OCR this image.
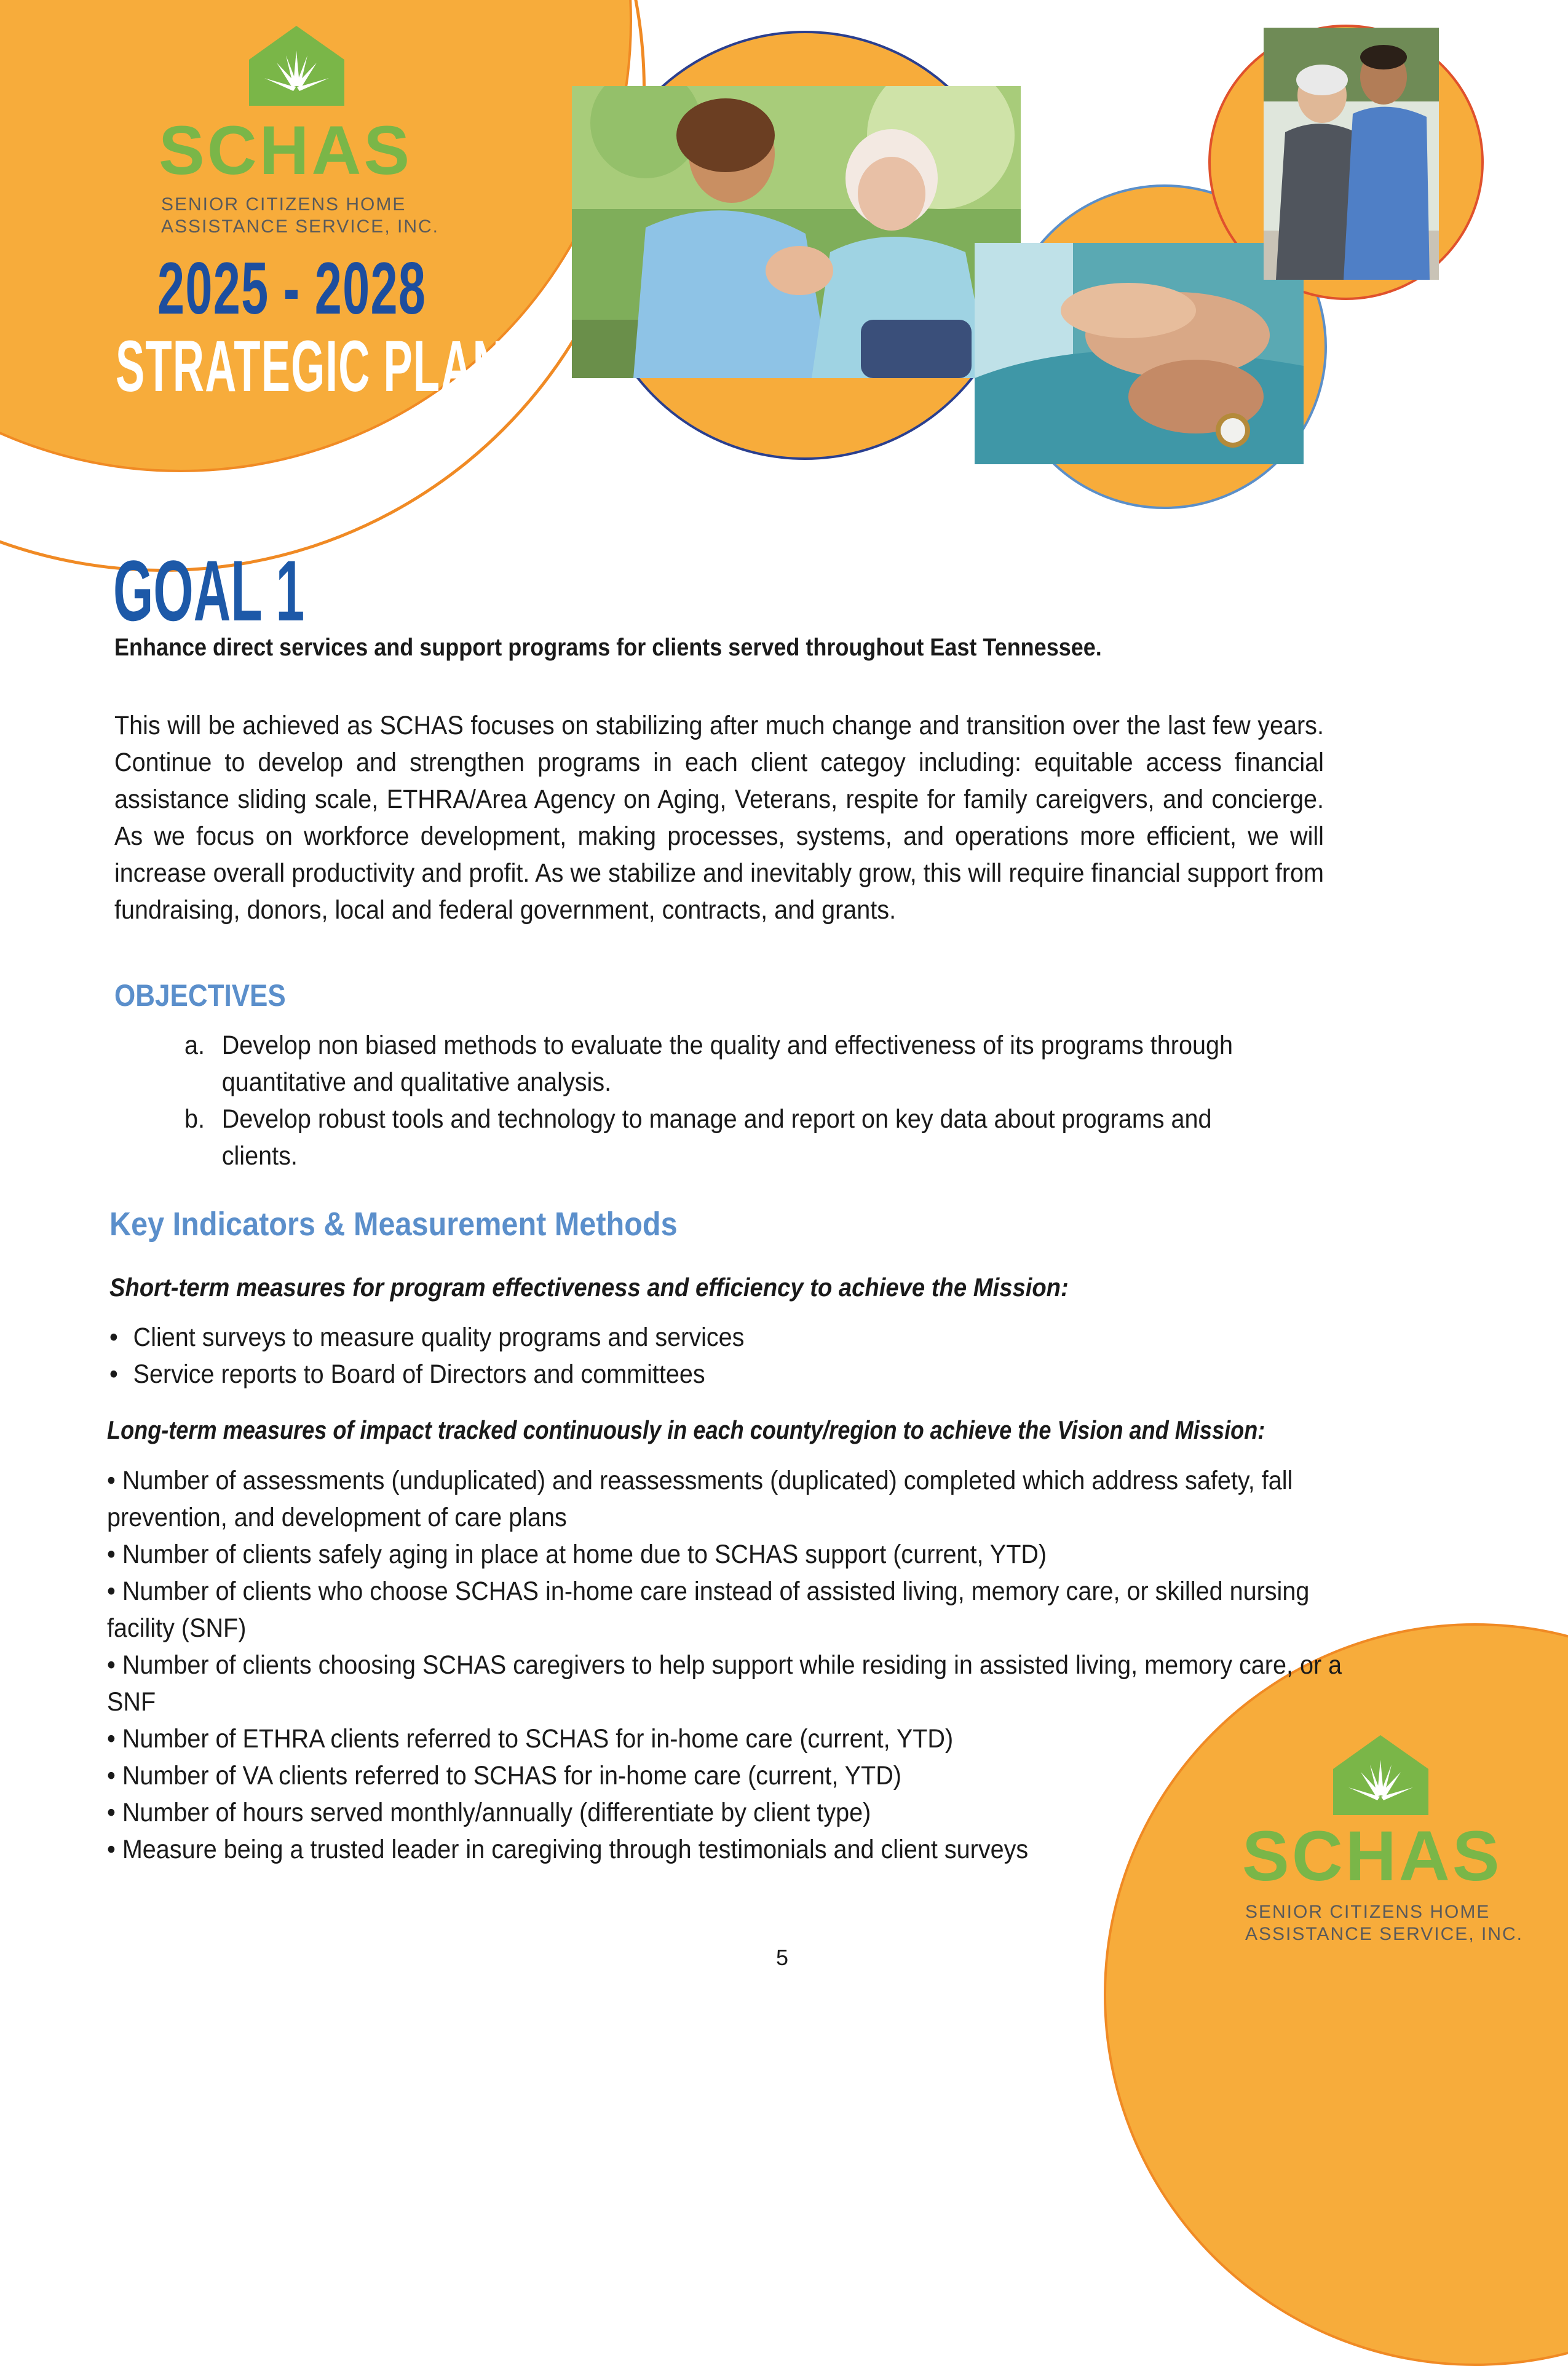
SCHAS
SENIOR CITIZENS HOME
ASSISTANCE SERVICE, INC.
2025 - 2028
STRATEGIC PLAN
GOAL 1
Enhance direct services and support programs for clients served throughout East Tennessee.
This will be achieved as SCHAS focuses on stabilizing after much change and transition over the last few years. Continue to develop and strengthen programs in each client categoy including: equitable access financial assistance sliding scale, ETHRA/Area Agency on Aging, Veterans, respite for family careigvers, and concierge. As we focus on workforce development, making processes, systems, and operations more efficient, we will increase overall productivity and profit. As we stabilize and inevitably grow, this will require financial support from fundraising, donors, local and federal government, contracts, and grants.
OBJECTIVES
a. Develop non biased methods to evaluate the quality and effectiveness of its programs through quantitative and qualitative analysis.
b. Develop robust tools and technology to manage and report on key data about programs and clients.
Key Indicators & Measurement Methods
Short-term measures for program effectiveness and efficiency to achieve the Mission:
• Client surveys to measure quality programs and services
• Service reports to Board of Directors and committees
Long-term measures of impact tracked continuously in each county/region to achieve the Vision and Mission:
• Number of assessments (unduplicated) and reassessments (duplicated) completed which address safety, fall prevention, and development of care plans
• Number of clients safely aging in place at home due to SCHAS support (current, YTD)
• Number of clients who choose SCHAS in-home care instead of assisted living, memory care, or skilled nursing facility (SNF)
• Number of clients choosing SCHAS caregivers to help support while residing in assisted living, memory care, or a SNF
• Number of ETHRA clients referred to SCHAS for in-home care (current, YTD)
• Number of VA clients referred to SCHAS for in-home care (current, YTD)
• Number of hours served monthly/annually (differentiate by client type)
• Measure being a trusted leader in caregiving through testimonials and client surveys	SCHAS
SENIOR CITIZENS HOME
ASSISTANCE SERVICE, INC.
5
